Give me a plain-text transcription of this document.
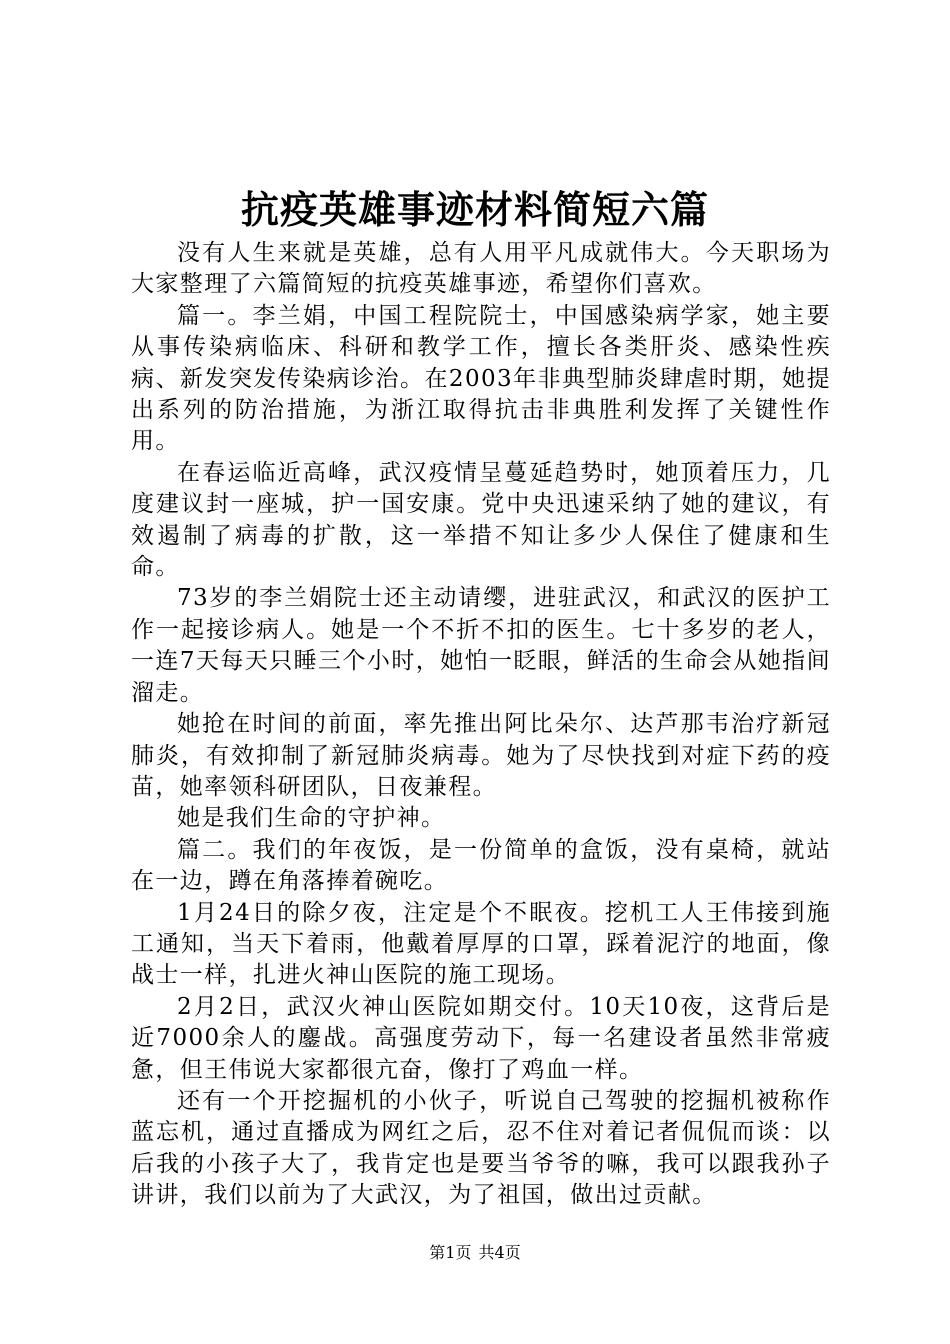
抗疫英雄事迹材料简短六篇

没有人生来就是英雄，总有人用平凡成就伟大。今天职场为大家整理了六篇简短的抗疫英雄事迹，希望你们喜欢。

篇一。李兰娟，中国工程院院士，中国感染病学家，她主要从事传染病临床、科研和教学工作，擅长各类肝炎、感染性疾病、新发突发传染病诊治。在2003年非典型肺炎肆虐时期，她提出系列的防治措施，为浙江取得抗击非典胜利发挥了关键性作用。

在春运临近高峰，武汉疫情呈蔓延趋势时，她顶着压力，几度建议封一座城，护一国安康。党中央迅速采纳了她的建议，有效遏制了病毒的扩散，这一举措不知让多少人保住了健康和生命。

73岁的李兰娟院士还主动请缨，进驻武汉，和武汉的医护工作一起接诊病人。她是一个不折不扣的医生。七十多岁的老人，一连7天每天只睡三个小时，她怕一眨眼，鲜活的生命会从她指间溜走。

她抢在时间的前面，率先推出阿比朵尔、达芦那韦治疗新冠肺炎，有效抑制了新冠肺炎病毒。她为了尽快找到对症下药的疫苗，她率领科研团队，日夜兼程。

她是我们生命的守护神。

篇二。我们的年夜饭，是一份简单的盒饭，没有桌椅，就站在一边，蹲在角落捧着碗吃。

1月24日的除夕夜，注定是个不眠夜。挖机工人王伟接到施工通知，当天下着雨，他戴着厚厚的口罩，踩着泥泞的地面，像战士一样，扎进火神山医院的施工现场。

2月2日，武汉火神山医院如期交付。10天10夜，这背后是近7000余人的鏖战。高强度劳动下，每一名建设者虽然非常疲惫，但王伟说大家都很亢奋，像打了鸡血一样。

还有一个开挖掘机的小伙子，听说自己驾驶的挖掘机被称作蓝忘机，通过直播成为网红之后，忍不住对着记者侃侃而谈：以后我的小孩子大了，我肯定也是要当爷爷的嘛，我可以跟我孙子讲讲，我们以前为了大武汉，为了祖国，做出过贡献。

第1页 共4页
